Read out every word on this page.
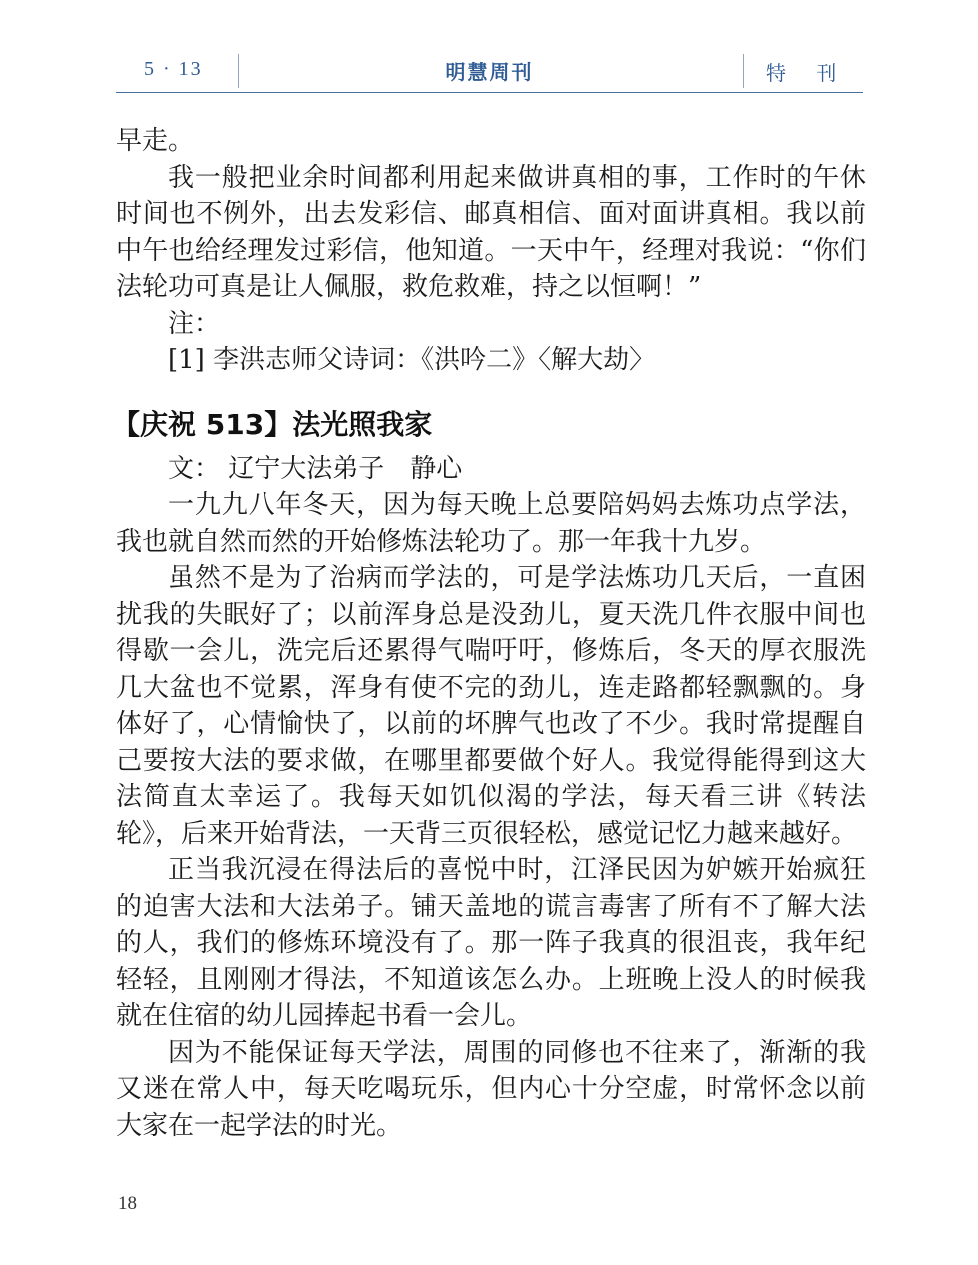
5 · 13	明慧周刊	特 刊

早走。

我一般把业余时间都利用起来做讲真相的事，工作时的午休时间也不例外，出去发彩信、邮真相信、面对面讲真相。我以前中午也给经理发过彩信，他知道。一天中午，经理对我说：“你们法轮功可真是让人佩服，救危救难，持之以恒啊！”

注：

[1] 李洪志师父诗词：《洪吟二》〈解大劫〉

【庆祝 513】法光照我家

文： 辽宁大法弟子　静心

一九九八年冬天，因为每天晚上总要陪妈妈去炼功点学法，我也就自然而然的开始修炼法轮功了。那一年我十九岁。

虽然不是为了治病而学法的，可是学法炼功几天后，一直困扰我的失眠好了；以前浑身总是没劲儿，夏天洗几件衣服中间也得歇一会儿，洗完后还累得气喘吁吁，修炼后，冬天的厚衣服洗几大盆也不觉累，浑身有使不完的劲儿，连走路都轻飘飘的。身体好了，心情愉快了，以前的坏脾气也改了不少。我时常提醒自己要按大法的要求做，在哪里都要做个好人。我觉得能得到这大法简直太幸运了。我每天如饥似渴的学法，每天看三讲《转法轮》，后来开始背法，一天背三页很轻松，感觉记忆力越来越好。

正当我沉浸在得法后的喜悦中时，江泽民因为妒嫉开始疯狂的迫害大法和大法弟子。铺天盖地的谎言毒害了所有不了解大法的人，我们的修炼环境没有了。那一阵子我真的很沮丧，我年纪轻轻，且刚刚才得法，不知道该怎么办。上班晚上没人的时候我就在住宿的幼儿园捧起书看一会儿。

因为不能保证每天学法，周围的同修也不往来了，渐渐的我又迷在常人中，每天吃喝玩乐，但内心十分空虚，时常怀念以前大家在一起学法的时光。

18
